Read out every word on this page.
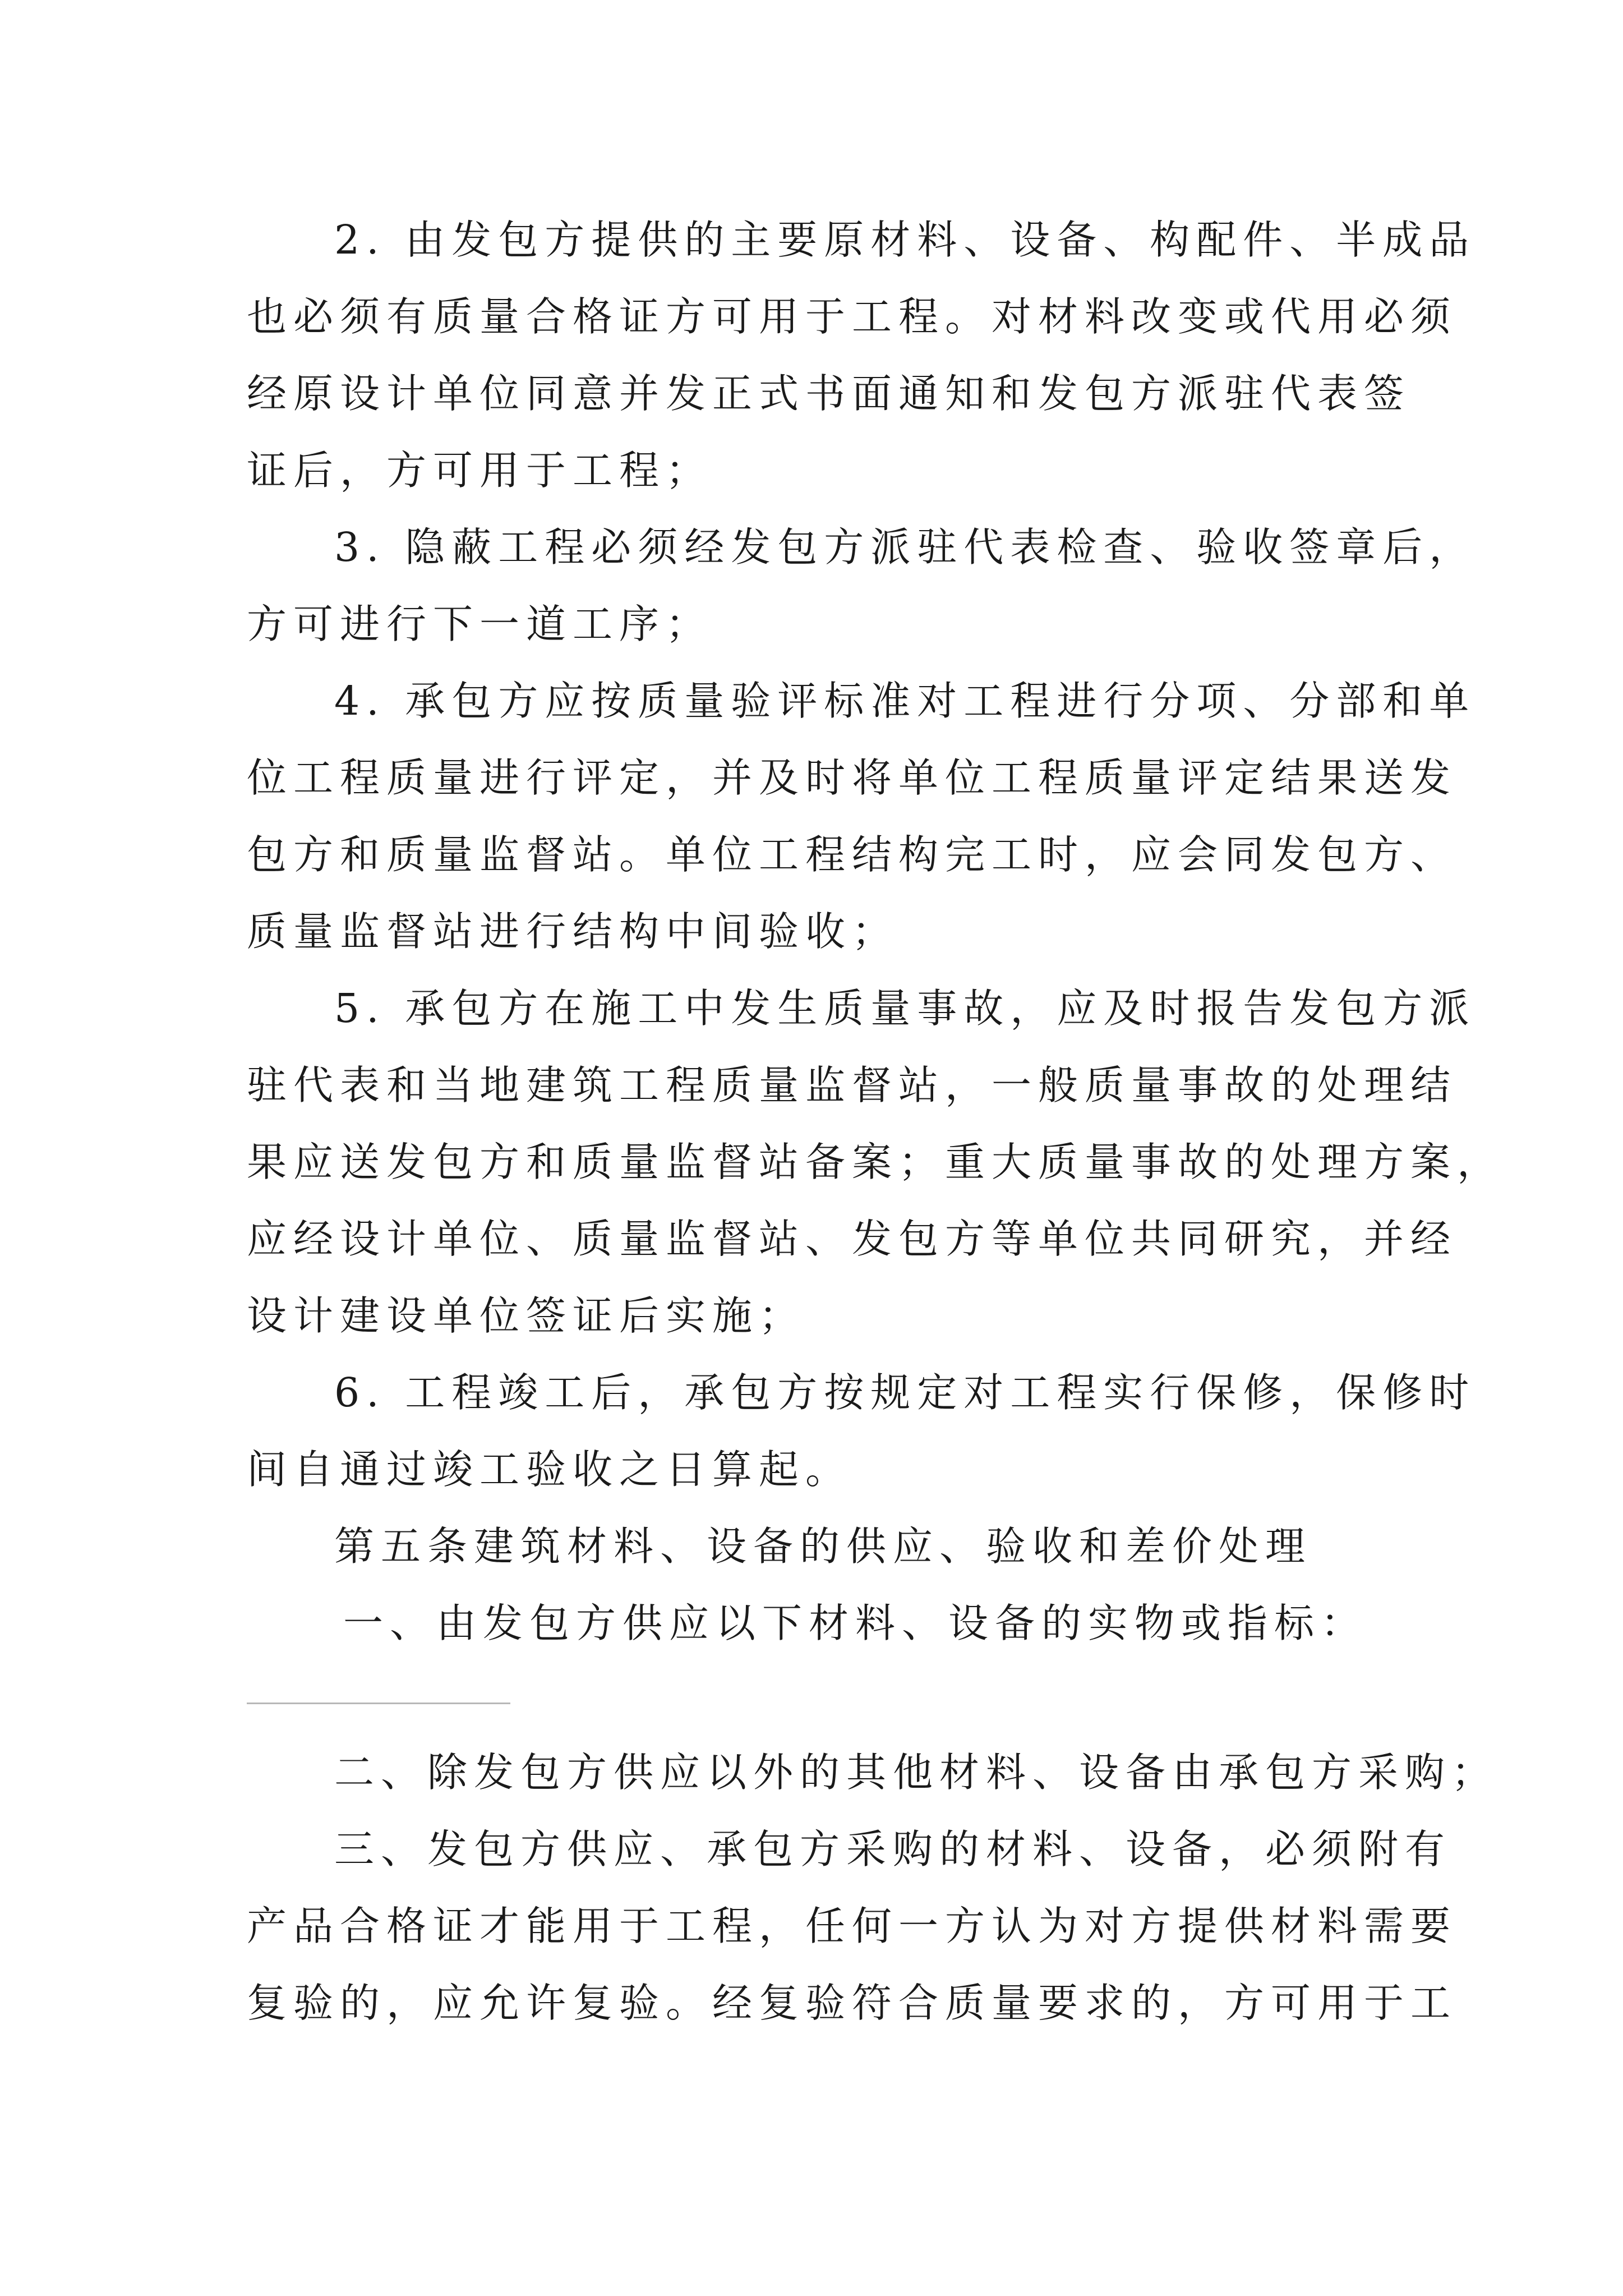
2. 由发包方提供的主要原材料、设备、构配件、半成品
也必须有质量合格证方可用于工程。对材料改变或代用必须
经原设计单位同意并发正式书面通知和发包方派驻代表签
证后，方可用于工程；
3. 隐蔽工程必须经发包方派驻代表检查、验收签章后，
方可进行下一道工序；
4. 承包方应按质量验评标准对工程进行分项、分部和单
位工程质量进行评定，并及时将单位工程质量评定结果送发
包方和质量监督站。单位工程结构完工时，应会同发包方、
质量监督站进行结构中间验收；
5. 承包方在施工中发生质量事故，应及时报告发包方派
驻代表和当地建筑工程质量监督站，一般质量事故的处理结
果应送发包方和质量监督站备案；重大质量事故的处理方案，
应经设计单位、质量监督站、发包方等单位共同研究，并经
设计建设单位签证后实施；
6. 工程竣工后，承包方按规定对工程实行保修，保修时
间自通过竣工验收之日算起。
第五条建筑材料、设备的供应、验收和差价处理
一、由发包方供应以下材料、设备的实物或指标：
二、除发包方供应以外的其他材料、设备由承包方采购；
三、发包方供应、承包方采购的材料、设备，必须附有
产品合格证才能用于工程，任何一方认为对方提供材料需要
复验的，应允许复验。经复验符合质量要求的，方可用于工
